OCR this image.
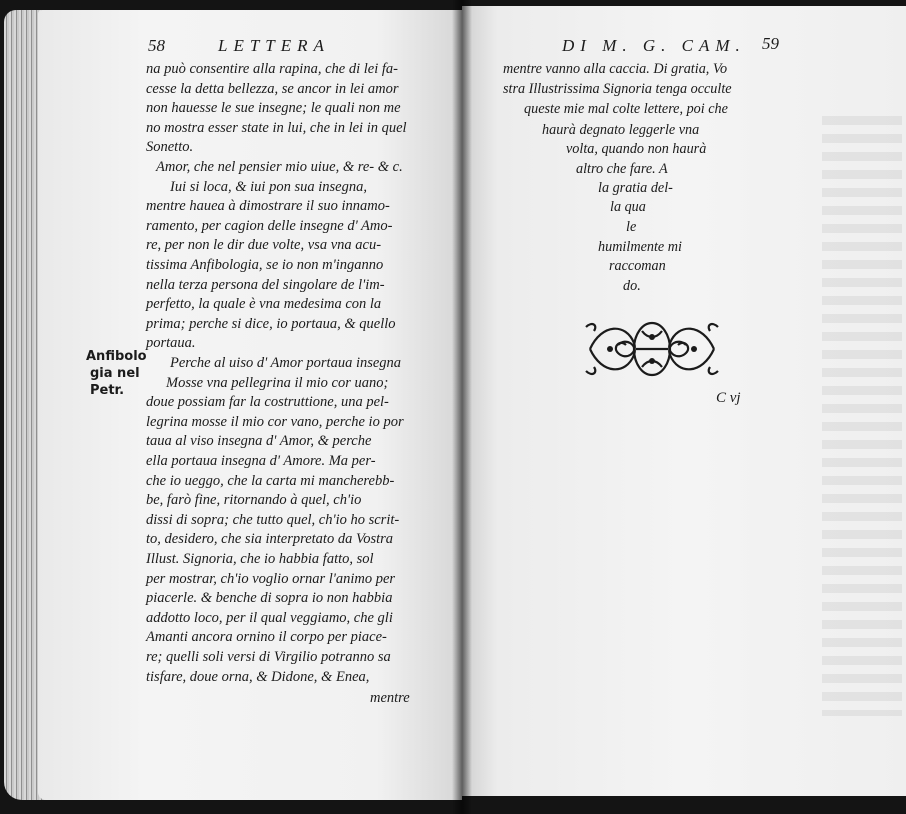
58	LETTERA	DI M. G. CAM. 59
Anfibolo
gia nel
Petr.
na può consentire alla rapina, che di lei fa-
cesse la detta bellezza, se ancor in lei amor
non hauesse le sue insegne; le quali non me
no mostra esser state in lui, che in lei in quel
Sonetto.
Amor, che nel pensier mio uiue, & re- & c.
Iui si loca, & iui pon sua insegna,
mentre hauea à dimostrare il suo innamo-
ramento, per cagion delle insegne d' Amo-
re, per non le dir due volte, vsa vna acu-
tissima Anfibologia, se io non m'inganno
nella terza persona del singolare de l'im-
perfetto, la quale è vna medesima con la
prima; perche si dice, io portaua, & quello
portaua.
Perche al uiso d' Amor portaua insegna
Mosse vna pellegrina il mio cor uano;
doue possiam far la costruttione, una pel-
legrina mosse il mio cor vano, perche io por
taua al viso insegna d' Amor, & perche
ella portaua insegna d' Amore. Ma per-
che io ueggo, che la carta mi mancherebb-
be, farò fine, ritornando à quel, ch'io
dissi di sopra; che tutto quel, ch'io ho scrit-
to, desidero, che sia interpretato da Vostra
Illust. Signoria, che io habbia fatto, sol
per mostrar, ch'io voglio ornar l'animo per
piacerle. & benche di sopra io non habbia
addotto loco, per il qual veggiamo, che gli
Amanti ancora ornino il corpo per piace-
re; quelli soli versi di Virgilio potranno sa
tisfare, doue orna, & Didone, & Enea,
mentre
mentre vanno alla caccia. Di gratia, Vo
stra Illustrissima Signoria tenga occulte
queste mie mal colte lettere, poi che
haurà degnato leggerle vna
volta, quando non haurà
altro che fare. A
la gratia del-
la qua
le
humilmente mi
raccoman
do.
C vj
